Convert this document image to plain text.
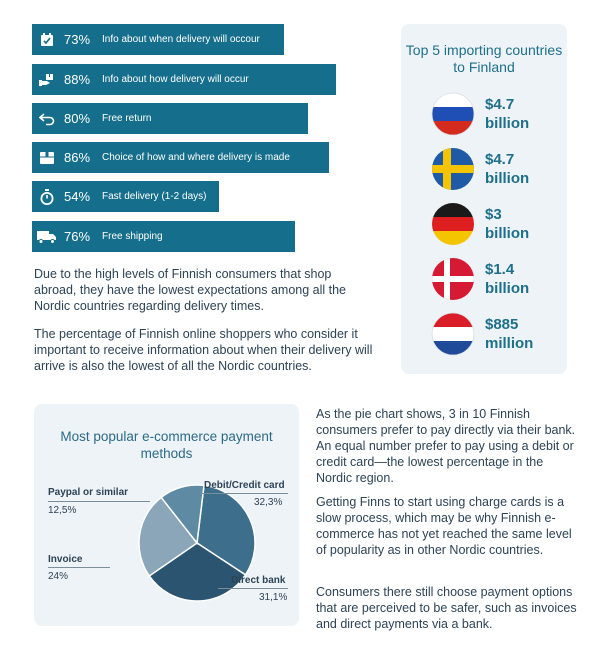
73%	Info about when delivery will occour
88%	Info about how delivery will occur
80%	Free return
86%	Choice of how and where delivery is made
54%	Fast delivery (1-2 days)
76%	Free shipping

Due to the high levels of Finnish consumers that shop abroad, they have the lowest expectations among all the Nordic countries regarding delivery times.

The percentage of Finnish online shoppers who consider it important to receive information about when their delivery will arrive is also the lowest of all the Nordic countries.

Top 5 importing countries to Finland
$4.7
billion
$4.7
billion
$3
billion
$1.4
billion
$885
million
Most popular e-commerce payment methods
Debit/Credit card
32,3%
Paypal or similar
12,5%
Invoice
24%	Direct bank
31,1%

As the pie chart shows, 3 in 10 Finnish consumers prefer to pay directly via their bank. An equal number prefer to pay using a debit or credit card—the lowest percentage in the Nordic region.

Getting Finns to start using charge cards is a slow process, which may be why Finnish e-commerce has not yet reached the same level of popularity as in other Nordic countries.

Consumers there still choose payment options that are perceived to be safer, such as invoices and direct payments via a bank.
